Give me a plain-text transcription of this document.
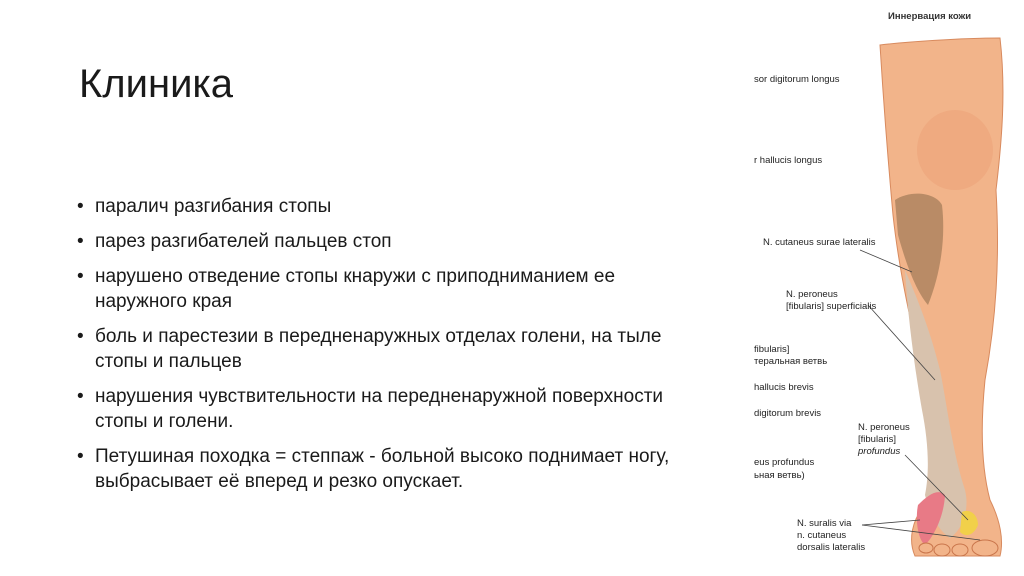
Клиника
• паралич разгибания стопы
• парез разгибателей пальцев стоп
• нарушено отведение стопы кнаружи с приподниманием ее наружного края
• боль и парестезии в передненаружных отделах голени, на тыле стопы и пальцев
• нарушения чувствительности на передненаружной поверхности стопы и голени.
• Петушиная походка = степпаж - больной высоко поднимает ногу, выбрасывает её вперед и резко опускает.
Иннервация кожи
sor digitorum longus
r hallucis longus
N. cutaneus surae lateralis
N. peroneus
[fibularis] superficialis
fibularis]
теральная ветвь
hallucis brevis
digitorum brevis
N. peroneus
[fibularis]
profundus
eus profundus
ьная ветвь)
N. suralis via
n. cutaneus
dorsalis lateralis
